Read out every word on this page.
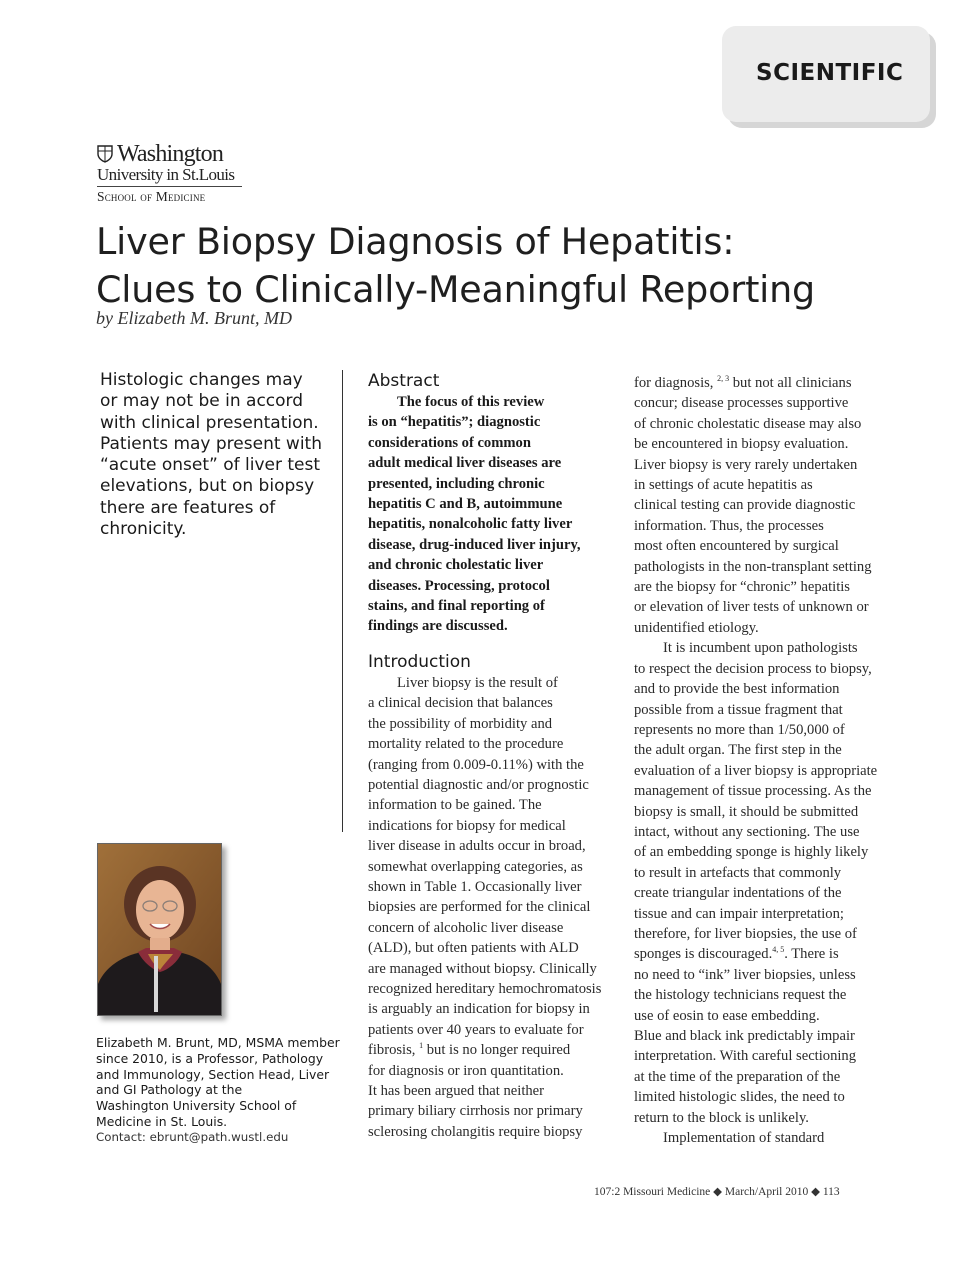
SCIENTIFIC
Washington
University in St.Louis
School of Medicine
Liver Biopsy Diagnosis of Hepatitis:
Clues to Clinically-Meaningful Reporting
by Elizabeth M. Brunt, MD
Histologic changes may
or may not be in accord
with clinical presentation.
Patients may present with
“acute onset” of liver test
elevations, but on biopsy
there are features of
chronicity.
Elizabeth M. Brunt, MD, MSMA member
since 2010, is a Professor, Pathology
and Immunology, Section Head, Liver
and GI Pathology at the
Washington University School of
Medicine in St. Louis.
Contact: ebrunt@path.wustl.edu
Abstract

The focus of this review

is on “hepatitis”; diagnostic

considerations of common

adult medical liver diseases are

presented, including chronic

hepatitis C and B, autoimmune

hepatitis, nonalcoholic fatty liver

disease, drug-induced liver injury,

and chronic cholestatic liver

diseases. Processing, protocol

stains, and final reporting of

findings are discussed.

Introduction

Liver biopsy is the result of

a clinical decision that balances

the possibility of morbidity and

mortality related to the procedure

(ranging from 0.009-0.11%) with the

potential diagnostic and/or prognostic

information to be gained. The

indications for biopsy for medical

liver disease in adults occur in broad,

somewhat overlapping categories, as

shown in Table 1. Occasionally liver

biopsies are performed for the clinical

concern of alcoholic liver disease

(ALD), but often patients with ALD

are managed without biopsy. Clinically

recognized hereditary hemochromatosis

is arguably an indication for biopsy in

patients over 40 years to evaluate for

fibrosis, $^1$ but is no longer required

for diagnosis or iron quantitation.

It has been argued that neither

primary biliary cirrhosis nor primary

sclerosing cholangitis require biopsy

for diagnosis, $^{2, 3}$ but not all clinicians

concur; disease processes supportive

of chronic cholestatic disease may also

be encountered in biopsy evaluation.

Liver biopsy is very rarely undertaken

in settings of acute hepatitis as

clinical testing can provide diagnostic

information. Thus, the processes

most often encountered by surgical

pathologists in the non-transplant setting

are the biopsy for “chronic” hepatitis

or elevation of liver tests of unknown or

unidentified etiology.

It is incumbent upon pathologists

to respect the decision process to biopsy,

and to provide the best information

possible from a tissue fragment that

represents no more than 1/50,000 of

the adult organ. The first step in the

evaluation of a liver biopsy is appropriate

management of tissue processing. As the

biopsy is small, it should be submitted

intact, without any sectioning. The use

of an embedding sponge is highly likely

to result in artefacts that commonly

create triangular indentations of the

tissue and can impair interpretation;

therefore, for liver biopsies, the use of

sponges is discouraged.$^{4, 5}$. There is

no need to “ink” liver biopsies, unless

the histology technicians request the

use of eosin to ease embedding.

Blue and black ink predictably impair

interpretation. With careful sectioning

at the time of the preparation of the

limited histologic slides, the need to

return to the block is unlikely.

Implementation of standard

107:2 Missouri Medicine ◆ March/April 2010 ◆ 113
